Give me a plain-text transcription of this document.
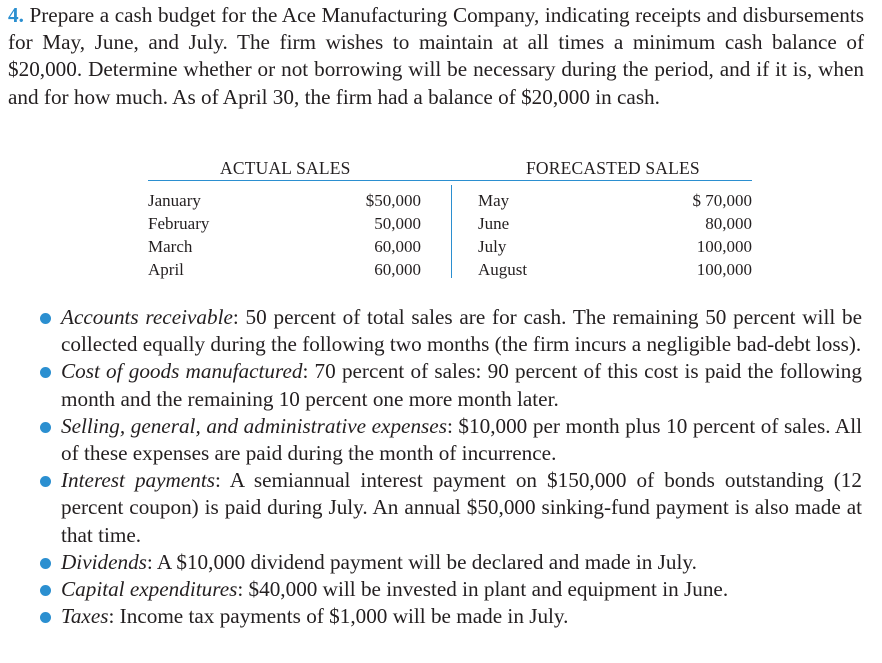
4. Prepare a cash budget for the Ace Manufacturing Company, indicating receipts and disbursements for May, June, and July. The firm wishes to maintain at all times a minimum cash balance of $20,000. Determine whether or not borrowing will be necessary during the period, and if it is, when and for how much. As of April 30, the firm had a balance of $20,000 in cash.
ACTUAL SALES	FORECASTED SALES
January
February
March
April
$50,000
50,000
60,000
60,000
May
June
July
August
$ 70,000
80,000
100,000
100,000
Accounts receivable: 50 percent of total sales are for cash. The remaining 50 percent will be collected equally during the following two months (the firm incurs a negligible bad-debt loss).
Cost of goods manufactured: 70 percent of sales: 90 percent of this cost is paid the following month and the remaining 10 percent one more month later.
Selling, general, and administrative expenses: $10,000 per month plus 10 percent of sales. All of these expenses are paid during the month of incurrence.
Interest payments: A semiannual interest payment on $150,000 of bonds outstanding (12 percent coupon) is paid during July. An annual $50,000 sinking-fund payment is also made at that time.
Dividends: A $10,000 dividend payment will be declared and made in July.
Capital expenditures: $40,000 will be invested in plant and equipment in June.
Taxes: Income tax payments of $1,000 will be made in July.
